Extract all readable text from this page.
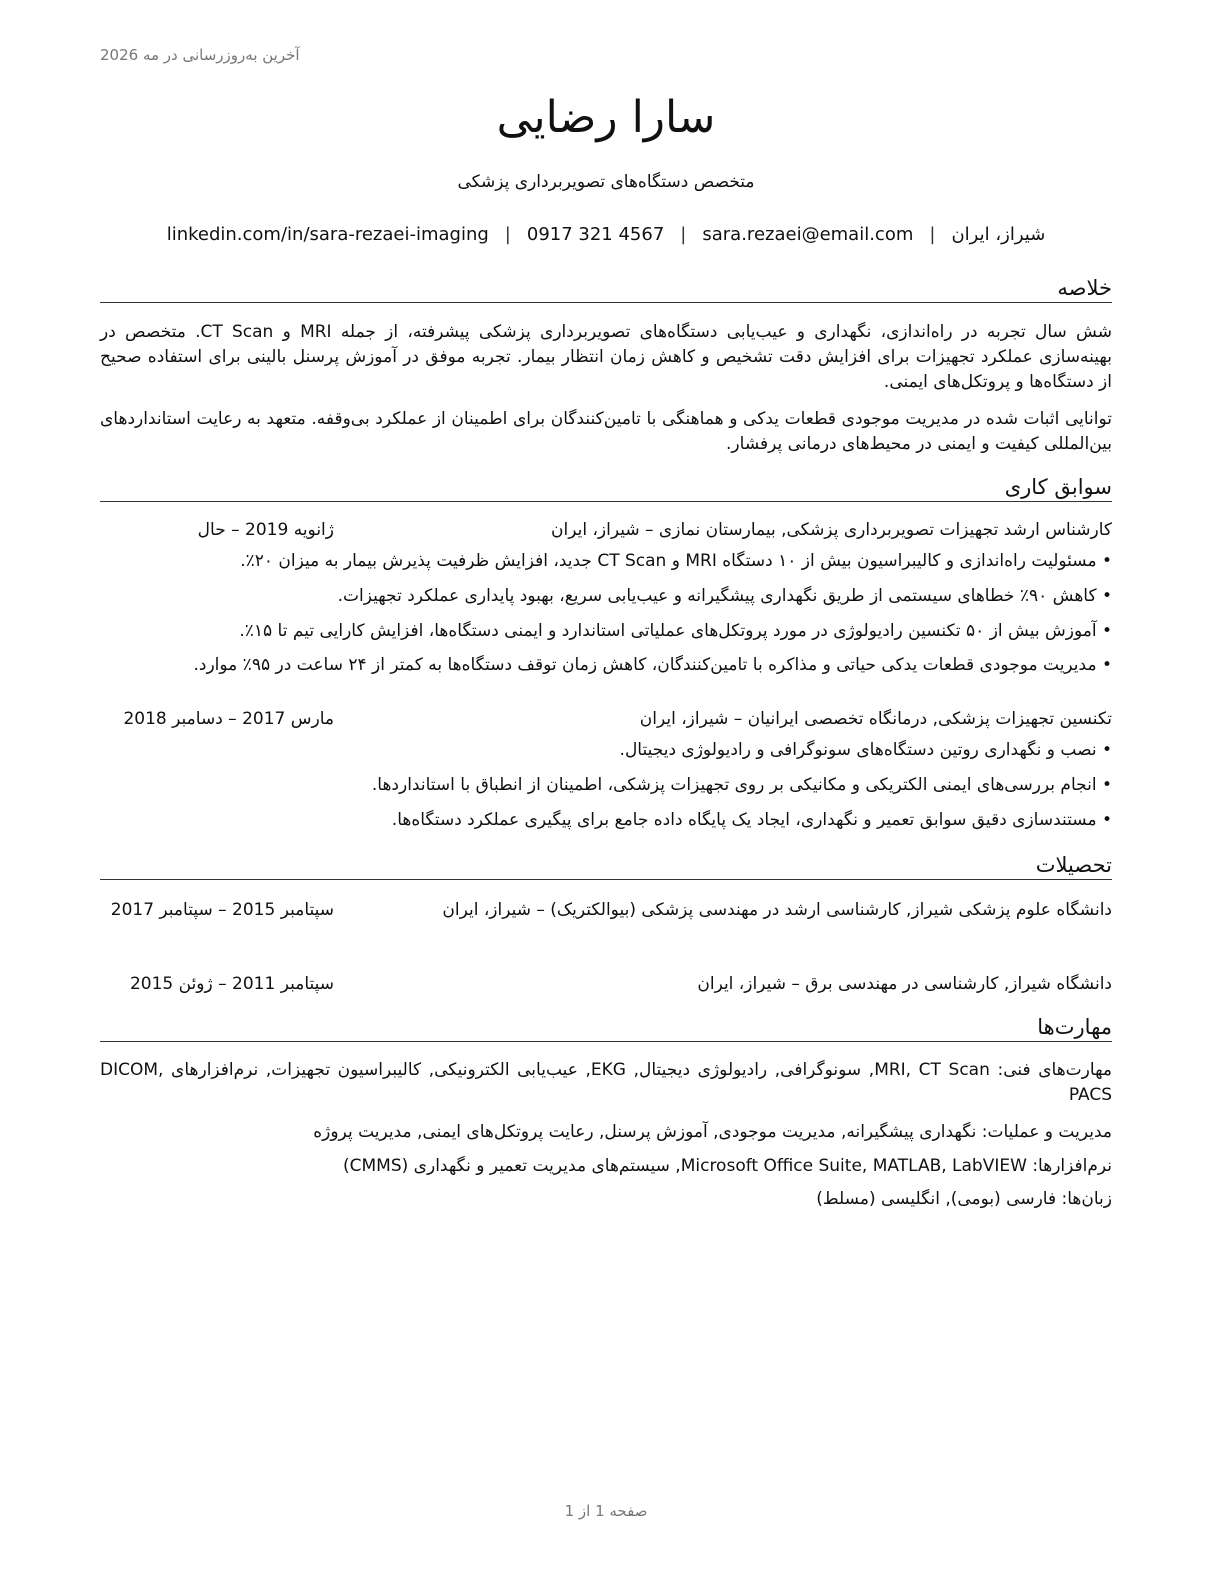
آخرین به‌روزرسانی در مه 2026
سارا رضایی
متخصص دستگاه‌های تصویربرداری پزشکی
شیراز، ایران|sara.rezaei@email.com|0917 321 4567|linkedin.com/in/sara-rezaei-imaging
خلاصه
شش سال تجربه در راه‌اندازی، نگهداری و عیب‌یابی دستگاه‌های تصویربرداری پزشکی پیشرفته، از جمله MRI و CT Scan. متخصص در بهینه‌سازی عملکرد تجهیزات برای افزایش دقت تشخیص و کاهش زمان انتظار بیمار. تجربه موفق در آموزش پرسنل بالینی برای استفاده صحیح از دستگاه‌ها و پروتکل‌های ایمنی.
توانایی اثبات شده در مدیریت موجودی قطعات یدکی و هماهنگی با تامین‌کنندگان برای اطمینان از عملکرد بی‌وقفه. متعهد به رعایت استانداردهای بین‌المللی کیفیت و ایمنی در محیط‌های درمانی پرفشار.
سوابق کاری
کارشناس ارشد تجهیزات تصویربرداری پزشکی, بیمارستان نمازی – شیراز، ایران
ژانویه 2019 – حال
• مسئولیت راه‌اندازی و کالیبراسیون بیش از ۱۰ دستگاه MRI و CT Scan جدید، افزایش ظرفیت پذیرش بیمار به میزان ۲۰٪.
• کاهش ۹۰٪ خطاهای سیستمی از طریق نگهداری پیشگیرانه و عیب‌یابی سریع، بهبود پایداری عملکرد تجهیزات.
• آموزش بیش از ۵۰ تکنسین رادیولوژی در مورد پروتکل‌های عملیاتی استاندارد و ایمنی دستگاه‌ها، افزایش کارایی تیم تا ۱۵٪.
• مدیریت موجودی قطعات یدکی حیاتی و مذاکره با تامین‌کنندگان، کاهش زمان توقف دستگاه‌ها به کمتر از ۲۴ ساعت در ۹۵٪ موارد.
تکنسین تجهیزات پزشکی, درمانگاه تخصصی ایرانیان – شیراز، ایران
مارس 2017 – دسامبر 2018
• نصب و نگهداری روتین دستگاه‌های سونوگرافی و رادیولوژی دیجیتال.
• انجام بررسی‌های ایمنی الکتریکی و مکانیکی بر روی تجهیزات پزشکی، اطمینان از انطباق با استانداردها.
• مستندسازی دقیق سوابق تعمیر و نگهداری، ایجاد یک پایگاه داده جامع برای پیگیری عملکرد دستگاه‌ها.
تحصیلات
دانشگاه علوم پزشکی شیراز, کارشناسی ارشد در مهندسی پزشکی (بیوالکتریک) – شیراز، ایران
سپتامبر 2015 – سپتامبر 2017
دانشگاه شیراز, کارشناسی در مهندسی برق – شیراز، ایران
سپتامبر 2011 – ژوئن 2015
مهارت‌ها
مهارت‌های فنی: MRI, CT Scan, سونوگرافی, رادیولوژی دیجیتال, EKG, عیب‌یابی الکترونیکی, کالیبراسیون تجهیزات, نرم‌افزارهای DICOM, PACS
مدیریت و عملیات: نگهداری پیشگیرانه, مدیریت موجودی, آموزش پرسنل, رعایت پروتکل‌های ایمنی, مدیریت پروژه
نرم‌افزارها: Microsoft Office Suite, MATLAB, LabVIEW, سیستم‌های مدیریت تعمیر و نگهداری (CMMS)
زبان‌ها: فارسی (بومی), انگلیسی (مسلط)
صفحه 1 از 1
